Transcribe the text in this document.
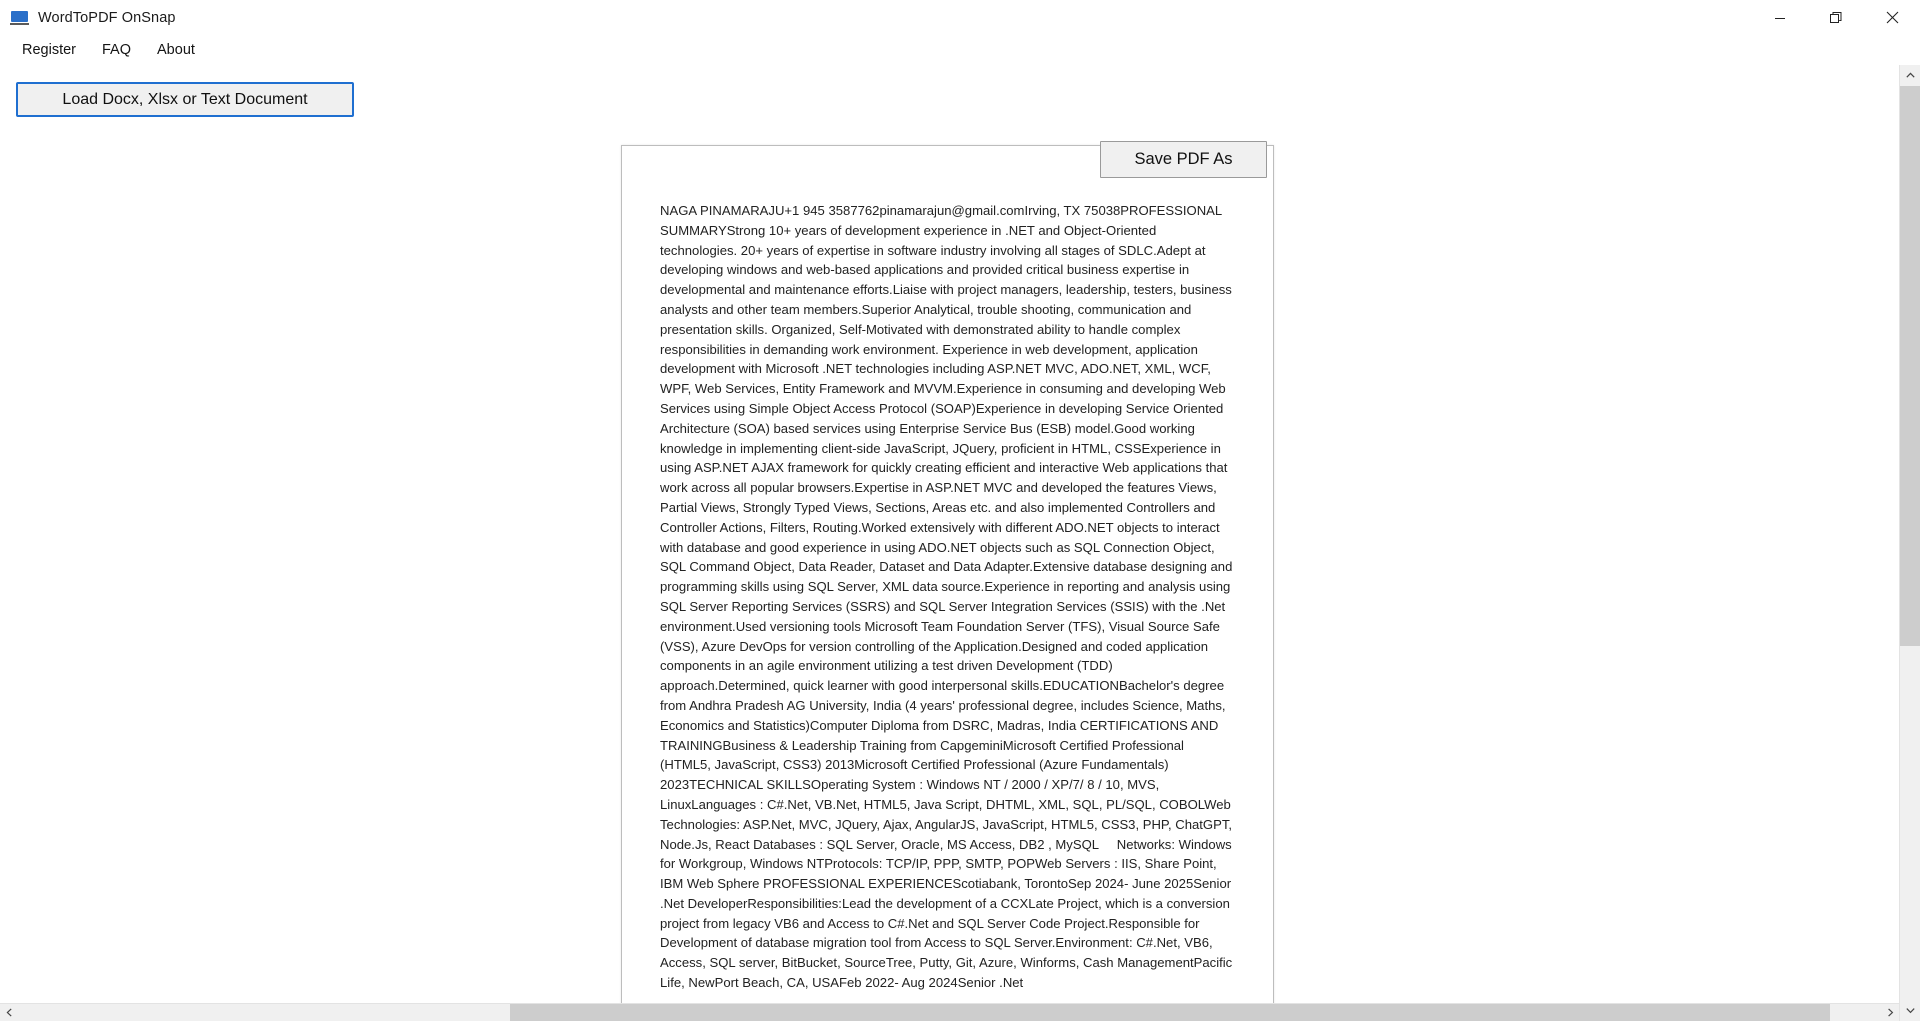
WordToPDF OnSnap
Register	FAQ	About
Load Docx, Xlsx or Text Document
NAGA PINAMARAJU+1 945 3587762pinamarajun@gmail.comIrving, TX 75038PROFESSIONAL SUMMARYStrong 10+ years of development experience in .NET and Object-Oriented technologies. 20+ years of expertise in software industry involving all stages of SDLC.Adept at developing windows and web-based applications and provided critical business expertise in developmental and maintenance efforts.Liaise with project managers, leadership, testers, business analysts and other team members.Superior Analytical, trouble shooting, communication and presentation skills. Organized, Self-Motivated with demonstrated ability to handle complex responsibilities in demanding work environment. Experience in web development, application development with Microsoft .NET technologies including ASP.NET MVC, ADO.NET, XML, WCF, WPF, Web Services, Entity Framework and MVVM.Experience in consuming and developing Web Services using Simple Object Access Protocol (SOAP)Experience in developing Service Oriented Architecture (SOA) based services using Enterprise Service Bus (ESB) model.Good working knowledge in implementing client-side JavaScript, JQuery, proficient in HTML, CSSExperience in using ASP.NET AJAX framework for quickly creating efficient and interactive Web applications that work across all popular browsers.Expertise in ASP.NET MVC and developed the features Views, Partial Views, Strongly Typed Views, Sections, Areas etc. and also implemented Controllers and Controller Actions, Filters, Routing.Worked extensively with different ADO.NET objects to interact with database and good experience in using ADO.NET objects such as SQL Connection Object, SQL Command Object, Data Reader, Dataset and Data Adapter.Extensive database designing and programming skills using SQL Server, XML data source.Experience in reporting and analysis using SQL Server Reporting Services (SSRS) and SQL Server Integration Services (SSIS) with the .Net environment.Used versioning tools Microsoft Team Foundation Server (TFS), Visual Source Safe (VSS), Azure DevOps for version controlling of the Application.Designed and coded application components in an agile environment utilizing a test driven Development (TDD) approach.Determined, quick learner with good interpersonal skills.EDUCATIONBachelor's degree from Andhra Pradesh AG University, India (4 years' professional degree, includes Science, Maths, Economics and Statistics)Computer Diploma from DSRC, Madras, India CERTIFICATIONS AND TRAININGBusiness & Leadership Training from CapgeminiMicrosoft Certified Professional (HTML5, JavaScript, CSS3) 2013Microsoft Certified Professional (Azure Fundamentals) 2023TECHNICAL SKILLSOperating System : Windows NT / 2000 / XP/7/ 8 / 10, MVS, LinuxLanguages : C#.Net, VB.Net, HTML5, Java Script, DHTML, XML, SQL, PL/SQL, COBOLWeb Technologies: ASP.Net, MVC, JQuery, Ajax, AngularJS, JavaScript, HTML5, CSS3, PHP, ChatGPT, Node.Js, React Databases : SQL Server, Oracle, MS Access, DB2 , MySQL     Networks: Windows for Workgroup, Windows NTProtocols: TCP/IP, PPP, SMTP, POPWeb Servers : IIS, Share Point, IBM Web Sphere PROFESSIONAL EXPERIENCEScotiabank, TorontoSep 2024- June 2025Senior .Net DeveloperResponsibilities:Lead the development of a CCXLate Project, which is a conversion project from legacy VB6 and Access to C#.Net and SQL Server Code Project.Responsible for Development of database migration tool from Access to SQL Server.Environment: C#.Net, VB6, Access, SQL server, BitBucket, SourceTree, Putty, Git, Azure, Winforms, Cash ManagementPacific Life, NewPort Beach, CA, USAFeb 2022- Aug 2024Senior .Net
Save PDF As
